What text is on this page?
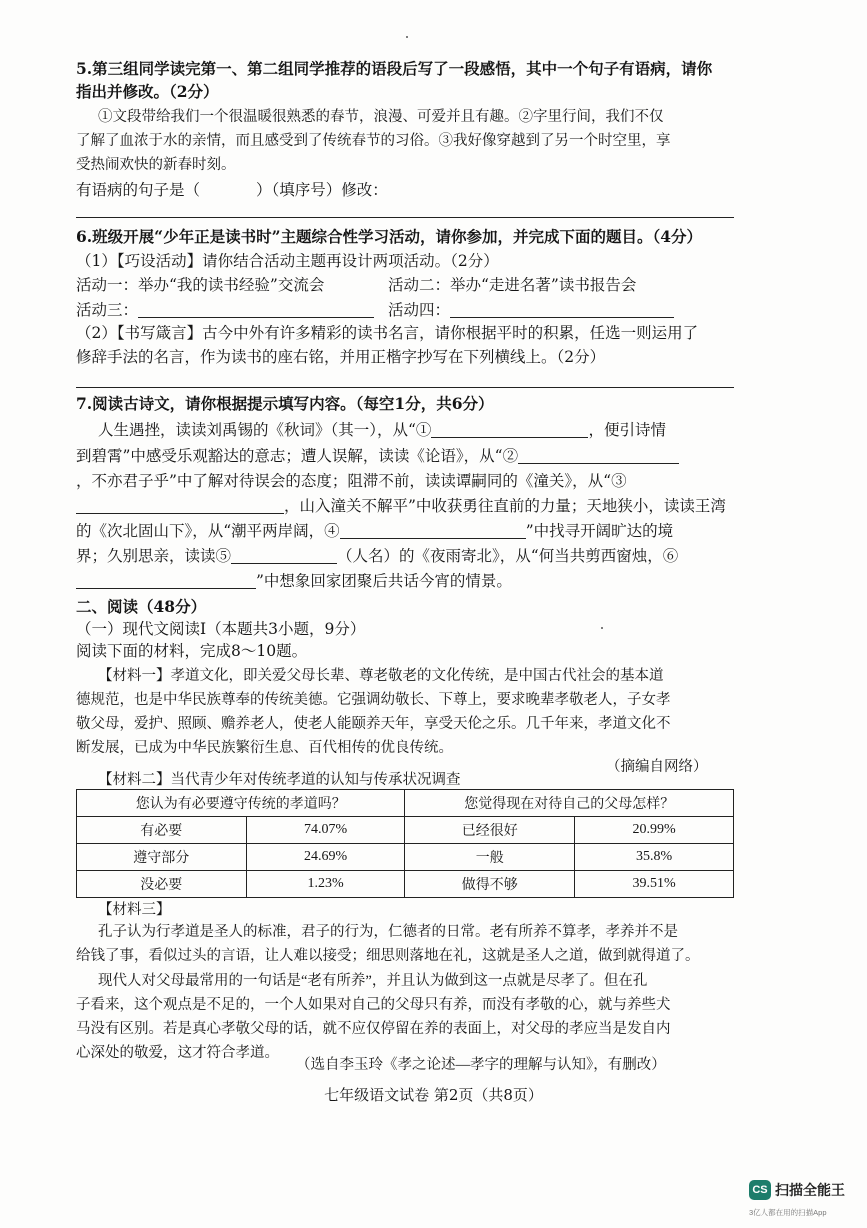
5.第三组同学读完第一、第二组同学推荐的语段后写了一段感悟，其中一个句子有语病，请你
指出并修改。（2分）
①文段带给我们一个很温暖很熟悉的春节，浪漫、可爱并且有趣。②字里行间，我们不仅
了解了血浓于水的亲情，而且感受到了传统春节的习俗。③我好像穿越到了另一个时空里，享
受热闹欢快的新春时刻。
有语病的句子是（	）（填序号）修改：
6.班级开展“少年正是读书时”主题综合性学习活动，请你参加，并完成下面的题目。（4分）
（1）【巧设活动】请你结合活动主题再设计两项活动。（2分）
活动一：举办“我的读书经验”交流会	活动二：举办“走进名著”读书报告会
活动三：	活动四：
（2）【书写箴言】古今中外有许多精彩的读书名言，请你根据平时的积累，任选一则运用了
修辞手法的名言，作为读书的座右铭，并用正楷字抄写在下列横线上。（2分）
7.阅读古诗文，请你根据提示填写内容。（每空1分，共6分）
人生遇挫，读读刘禹锡的《秋词》（其一），从“①	，便引诗情
到碧霄”中感受乐观豁达的意志；遭人误解，读读《论语》，从“②
，不亦君子乎”中了解对待误会的态度；阻滞不前，读读谭嗣同的《潼关》，从“③
，山入潼关不解平”中收获勇往直前的力量；天地狭小，读读王湾
的《次北固山下》，从“潮平两岸阔，④	”中找寻开阔旷达的境
界；久别思亲，读读⑤	（人名）的《夜雨寄北》，从“何当共剪西窗烛，⑥
”中想象回家团聚后共话今宵的情景。
二、阅读（48分）
（一）现代文阅读Ⅰ（本题共3小题，9分）
阅读下面的材料，完成8～10题。
【材料一】孝道文化，即关爱父母长辈、尊老敬老的文化传统，是中国古代社会的基本道
德规范，也是中华民族尊奉的传统美德。它强调幼敬长、下尊上，要求晚辈孝敬老人，子女孝
敬父母，爱护、照顾、赡养老人，使老人能颐养天年，享受天伦之乐。几千年来，孝道文化不
断发展，已成为中华民族繁衍生息、百代相传的优良传统。
（摘编自网络）
【材料二】当代青少年对传统孝道的认知与传承状况调查
您认为有必要遵守传统的孝道吗？		您觉得现在对待自己的父母怎样？	
有必要	74.07%	已经很好	20.99%
遵守部分	24.69%	一般	35.8%
没必要	1.23%	做得不够	39.51%
【材料三】
孔子认为行孝道是圣人的标准，君子的行为，仁德者的日常。老有所养不算孝，孝养并不是
给钱了事，看似过头的言语，让人难以接受；细思则落地在礼，这就是圣人之道，做到就得道了。
现代人对父母最常用的一句话是“老有所养”，并且认为做到这一点就是尽孝了。但在孔
子看来，这个观点是不足的，一个人如果对自己的父母只有养，而没有孝敬的心，就与养些犬
马没有区别。若是真心孝敬父母的话，就不应仅停留在养的表面上，对父母的孝应当是发自内
心深处的敬爱，这才符合孝道。
（选自李玉玲《孝之论述—孝字的理解与认知》，有删改）
七年级语文试卷 第2页（共8页）
CS 扫描全能王
3亿人都在用的扫描App
